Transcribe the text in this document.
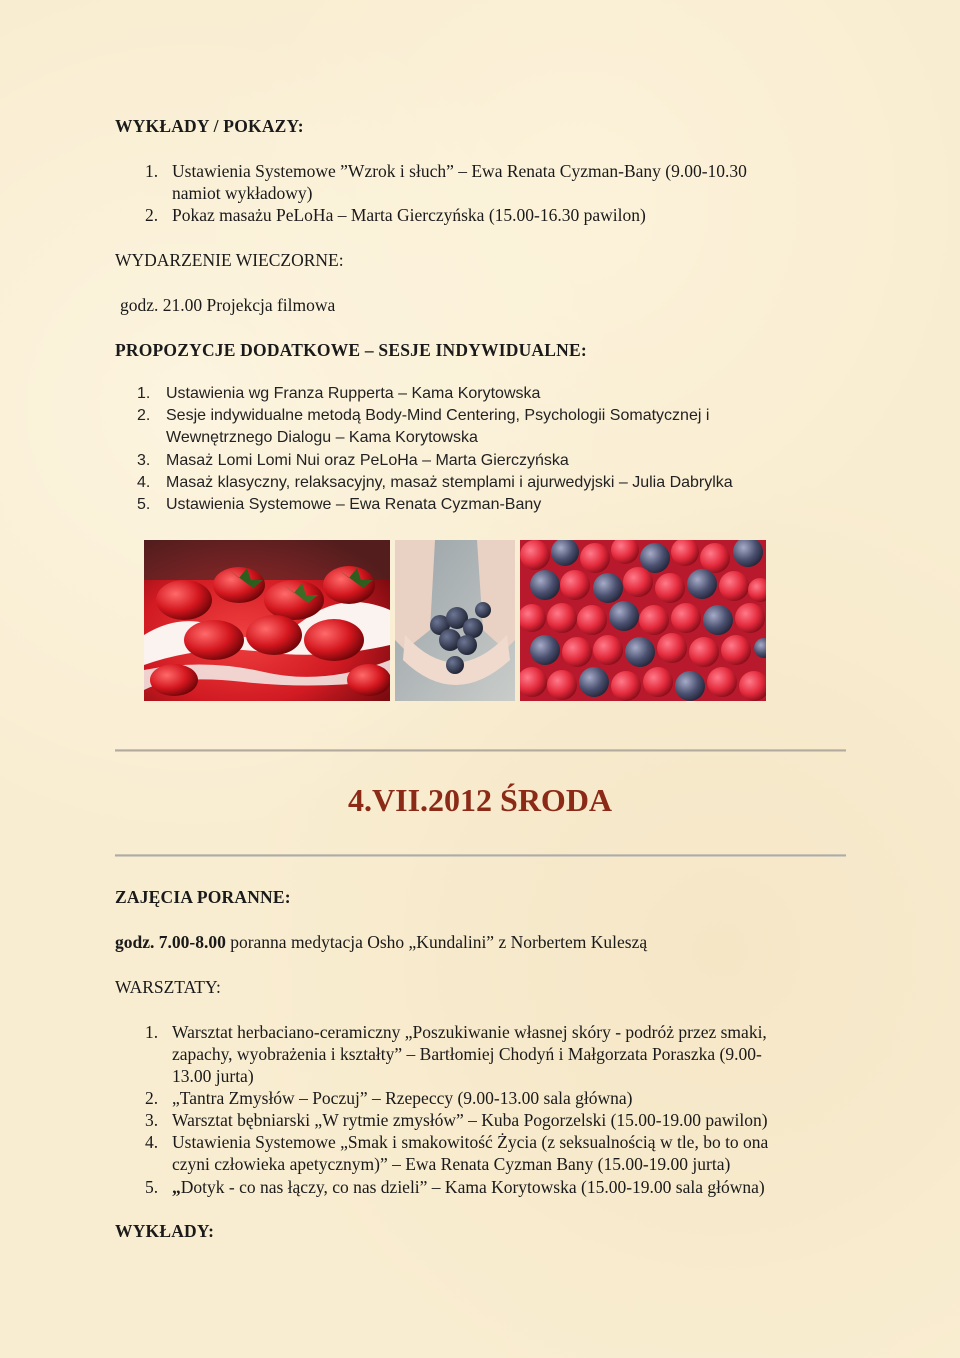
WYKŁADY / POKAZY:
1. Ustawienia Systemowe ”Wzrok i słuch” – Ewa Renata Cyzman-Bany (9.00-10.30
namiot wykładowy)
2. Pokaz masażu PeLoHa – Marta Gierczyńska (15.00-16.30 pawilon)
WYDARZENIE WIECZORNE:
godz. 21.00 Projekcja filmowa
PROPOZYCJE DODATKOWE – SESJE INDYWIDUALNE:
1. Ustawienia wg Franza Rupperta – Kama Korytowska
2. Sesje indywidualne metodą Body-Mind Centering, Psychologii Somatycznej i
Wewnętrznego Dialogu – Kama Korytowska
3. Masaż Lomi Lomi Nui oraz PeLoHa – Marta Gierczyńska
4. Masaż klasyczny, relaksacyjny, masaż stemplami i ajurwedyjski – Julia Dabrylka
5. Ustawienia Systemowe – Ewa Renata Cyzman-Bany
4.VII.2012 ŚRODA
ZAJĘCIA PORANNE:
godz. 7.00-8.00 poranna medytacja Osho „Kundalini” z Norbertem Kuleszą
WARSZTATY:
1. Warsztat herbaciano-ceramiczny „Poszukiwanie własnej skóry - podróż przez smaki,
zapachy, wyobrażenia i kształty” – Bartłomiej Chodyń i Małgorzata Poraszka (9.00-
13.00 jurta)
2. „Tantra Zmysłów – Poczuj” – Rzepeccy (9.00-13.00 sala główna)
3. Warsztat bębniarski „W rytmie zmysłów” – Kuba Pogorzelski (15.00-19.00 pawilon)
4. Ustawienia Systemowe „Smak i smakowitość Życia (z seksualnością w tle, bo to ona
czyni człowieka apetycznym)” – Ewa Renata Cyzman Bany (15.00-19.00 jurta)
5. „Dotyk - co nas łączy, co nas dzieli” – Kama Korytowska (15.00-19.00 sala główna)
WYKŁADY:
